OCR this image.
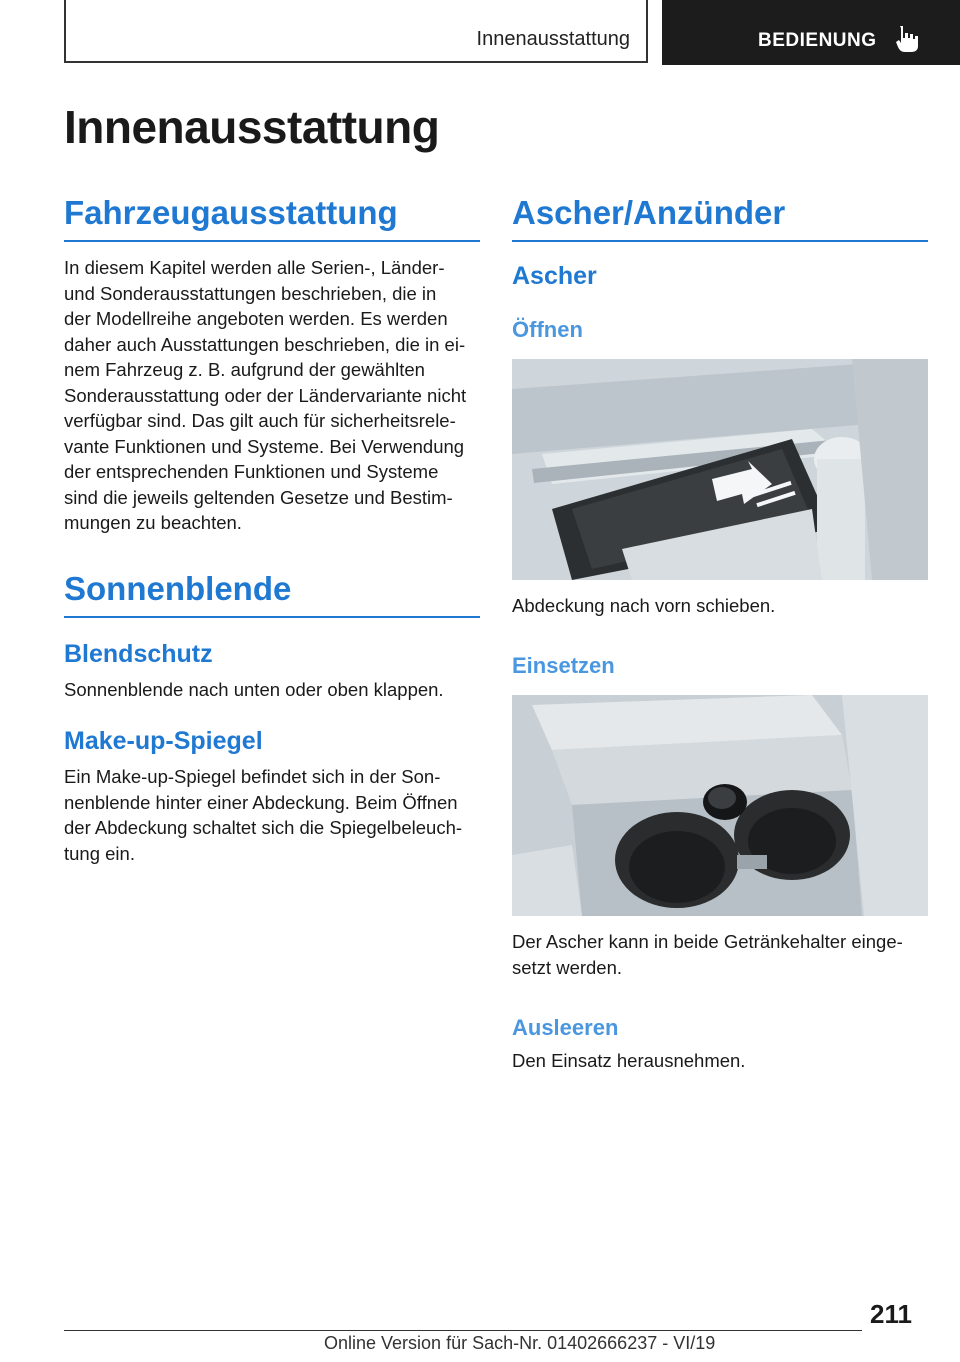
Innenausstattung	BEDIENUNG
Innenausstattung
Fahrzeugausstattung
In diesem Kapitel werden alle Serien-, Länder-
und Sonderausstattungen beschrieben, die in
der Modellreihe angeboten werden. Es werden
daher auch Ausstattungen beschrieben, die in ei‐
nem Fahrzeug z. B. aufgrund der gewählten
Sonderausstattung oder der Ländervariante nicht
verfügbar sind. Das gilt auch für sicherheitsrele‐
vante Funktionen und Systeme. Bei Verwendung
der entsprechenden Funktionen und Systeme
sind die jeweils geltenden Gesetze und Bestim‐
mungen zu beachten.
Sonnenblende
Blendschutz

Sonnenblende nach unten oder oben klappen.

Make-up-Spiegel
Ein Make-up-Spiegel befindet sich in der Son‐
nenblende hinter einer Abdeckung. Beim Öffnen
der Abdeckung schaltet sich die Spiegelbeleuch‐
tung ein.
Ascher/Anzünder
Ascher
Öffnen

Abdeckung nach vorn schieben.

Einsetzen
Der Ascher kann in beide Getränkehalter einge‐
setzt werden.
Ausleeren

Den Einsatz herausnehmen.

211
Online Version für Sach-Nr. 01402666237 - VI/19
